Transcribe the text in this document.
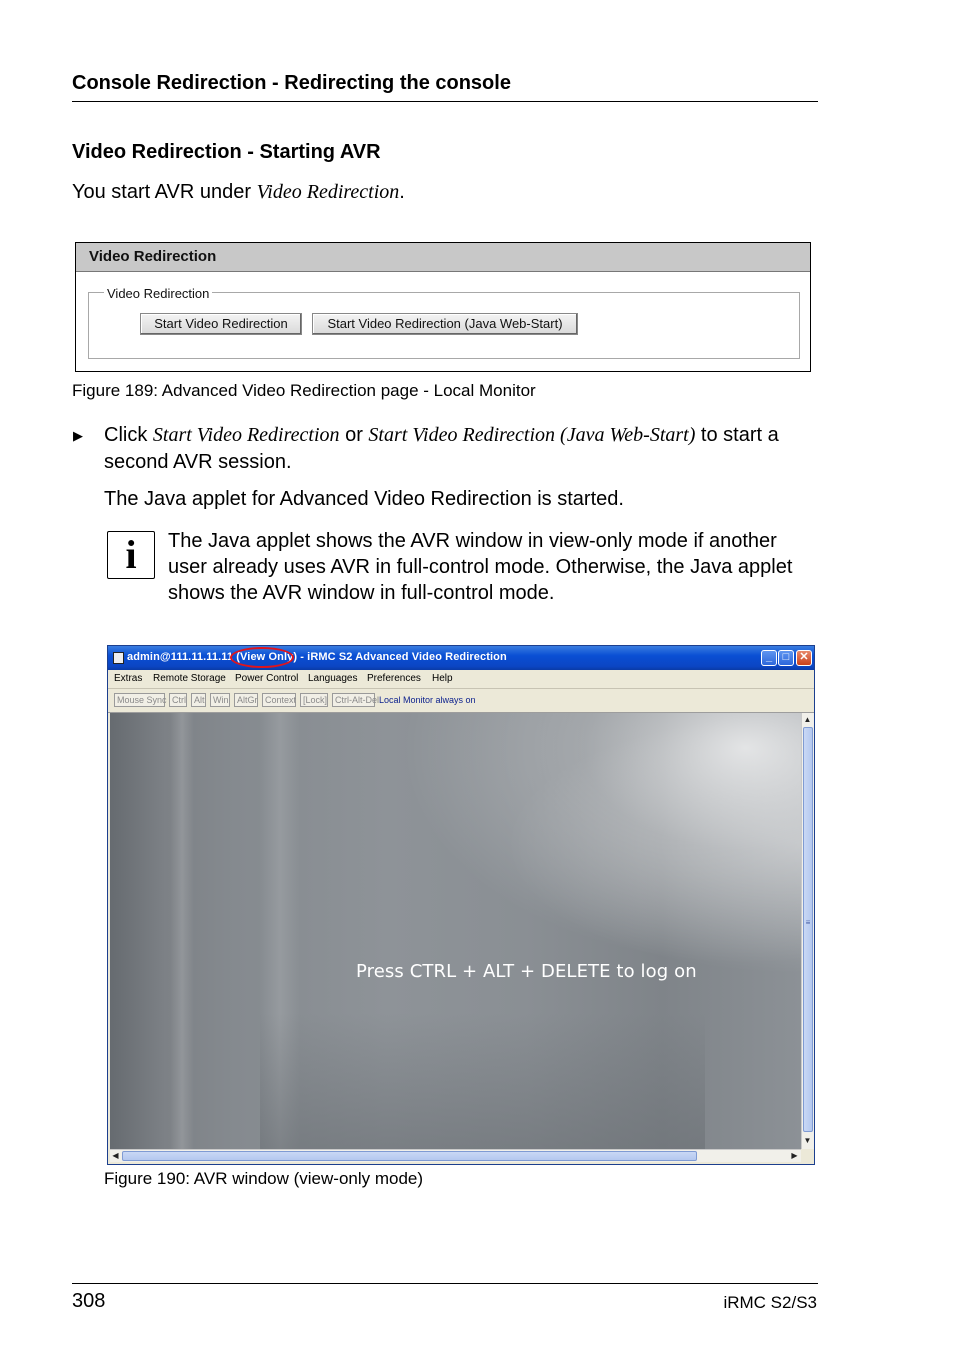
Console Redirection - Redirecting the console
Video Redirection - Starting AVR
You start AVR under Video Redirection.
Video Redirection
Video Redirection
Start Video Redirection	Start Video Redirection (Java Web-Start)
Figure 189: Advanced Video Redirection page - Local Monitor
▶ Click Start Video Redirection or Start Video Redirection (Java Web-Start) to start a second AVR session.
The Java applet for Advanced Video Redirection is started.
i	The Java applet shows the AVR window in view-only mode if another user already uses AVR in full-control mode. Otherwise, the Java applet shows the AVR window in full-control mode.
admin@111.11.11.11 (View Only) - iRMC S2 Advanced Video Redirection	_ □ ✕
Extras Remote Storage Power Control Languages Preferences Help
Mouse Sync Ctrl Alt Win AltGr Context [Lock] Ctrl-Alt-Del Local Monitor always on
Press CTRL + ALT + DELETE to log on
▲
≡
▼
◀	▶
Figure 190: AVR window (view-only mode)
308	iRMC S2/S3
